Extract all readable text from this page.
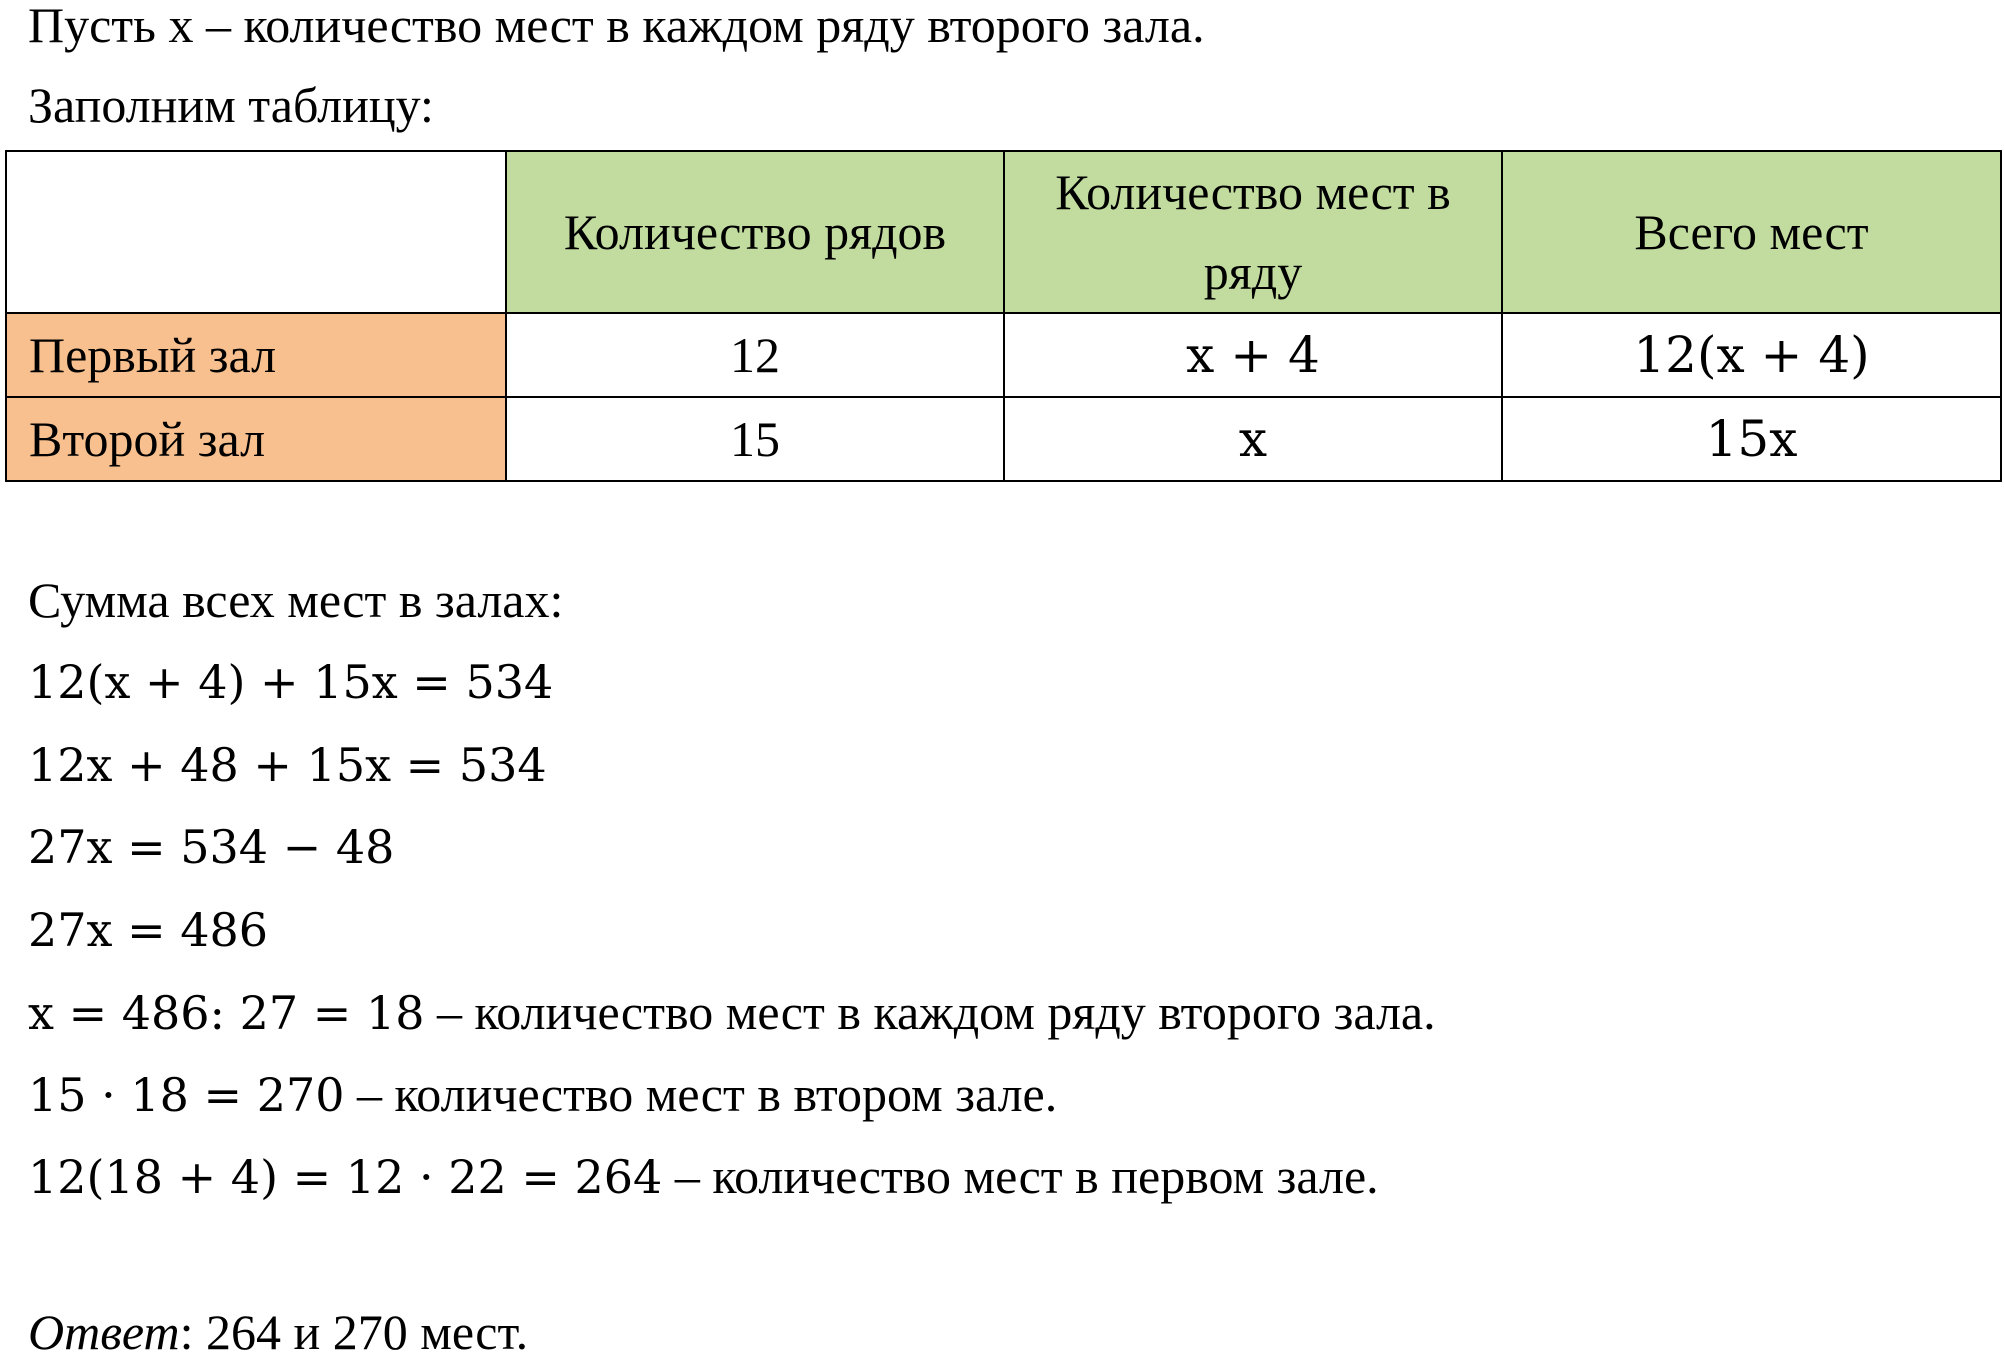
Пусть x – количество мест в каждом ряду второго зала.
Заполним таблицу:
	Количество рядов	Количество мест в ряду	Всего мест
Первый зал	12	x + 4	12(x + 4)
Второй зал	15	x	15x
Сумма всех мест в залах:
12(x + 4) + 15x = 534
12x + 48 + 15x = 534
27x = 534 − 48
27x = 486
x = 486: 27 = 18 – количество мест в каждом ряду второго зала.
15 · 18 = 270 – количество мест в втором зале.
12(18 + 4) = 12 · 22 = 264 – количество мест в первом зале.
Ответ: 264 и 270 мест.
